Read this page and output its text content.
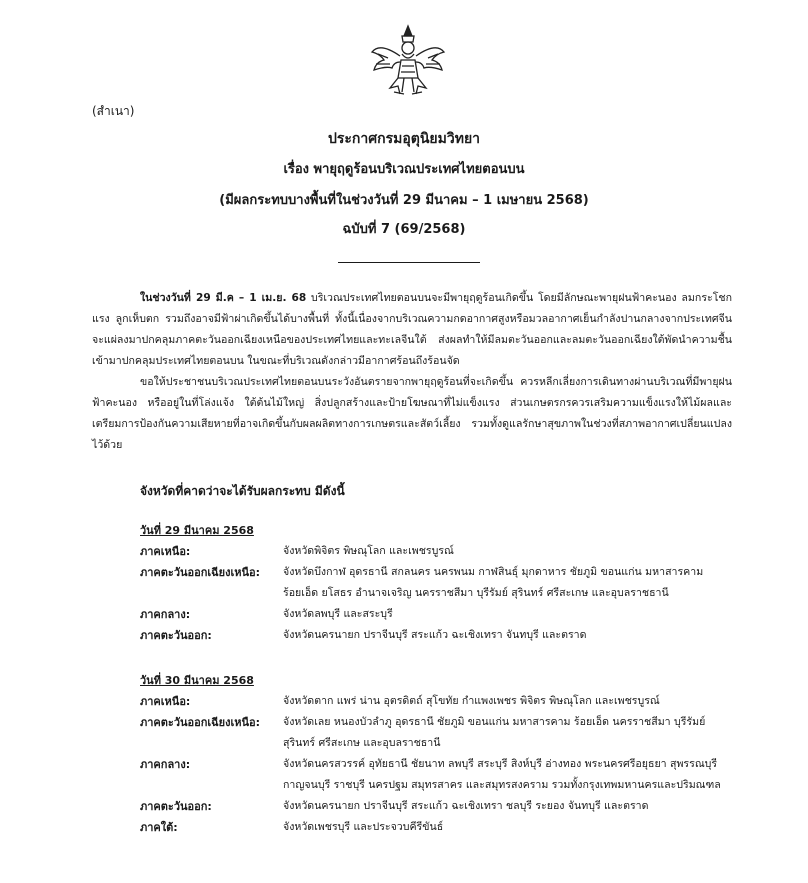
(สำเนา)
ประกาศกรมอุตุนิยมวิทยา
เรื่อง พายุฤดูร้อนบริเวณประเทศไทยตอนบน
(มีผลกระทบบางพื้นที่ในช่วงวันที่ 29 มีนาคม – 1 เมษายน 2568)
ฉบับที่ 7 (69/2568)

ในช่วงวันที่ 29 มี.ค – 1 เม.ย. 68 บริเวณประเทศไทยตอนบนจะมีพายุฤดูร้อนเกิดขึ้น โดยมีลักษณะพายุฝนฟ้าคะนอง ลมกระโชกแรง ลูกเห็บตก รวมถึงอาจมีฟ้าผ่าเกิดขึ้นได้บางพื้นที่ ทั้งนี้เนื่องจากบริเวณความกดอากาศสูงหรือมวลอากาศเย็นกำลังปานกลางจากประเทศจีนจะแผ่ลงมาปกคลุมภาคตะวันออกเฉียงเหนือของประเทศไทยและทะเลจีนใต้ ส่งผลทำให้มีลมตะวันออกและลมตะวันออกเฉียงใต้พัดนำความชื้นเข้ามาปกคลุมประเทศไทยตอนบน ในขณะที่บริเวณดังกล่าวมีอากาศร้อนถึงร้อนจัด

ขอให้ประชาชนบริเวณประเทศไทยตอนบนระวังอันตรายจากพายุฤดูร้อนที่จะเกิดขึ้น ควรหลีกเลี่ยงการเดินทางผ่านบริเวณที่มีพายุฝนฟ้าคะนอง หรืออยู่ในที่โล่งแจ้ง ใต้ต้นไม้ใหญ่ สิ่งปลูกสร้างและป้ายโฆษณาที่ไม่แข็งแรง ส่วนเกษตรกรควรเสริมความแข็งแรงให้ไม้ผลและเตรียมการป้องกันความเสียหายที่อาจเกิดขึ้นกับผลผลิตทางการเกษตรและสัตว์เลี้ยง รวมทั้งดูแลรักษาสุขภาพในช่วงที่สภาพอากาศเปลี่ยนแปลงไว้ด้วย

จังหวัดที่คาดว่าจะได้รับผลกระทบ มีดังนี้
วันที่ 29 มีนาคม 2568
ภาคเหนือ:	จังหวัดพิจิตร พิษณุโลก และเพชรบูรณ์
ภาคตะวันออกเฉียงเหนือ:	จังหวัดบึงกาฬ อุดรธานี สกลนคร นครพนม กาฬสินธุ์ มุกดาหาร ชัยภูมิ ขอนแก่น มหาสารคาม ร้อยเอ็ด ยโสธร อำนาจเจริญ นครราชสีมา บุรีรัมย์ สุรินทร์ ศรีสะเกษ และอุบลราชธานี
ภาคกลาง:	จังหวัดลพบุรี และสระบุรี
ภาคตะวันออก:	จังหวัดนครนายก ปราจีนบุรี สระแก้ว ฉะเชิงเทรา จันทบุรี และตราด
วันที่ 30 มีนาคม 2568
ภาคเหนือ:	จังหวัดตาก แพร่ น่าน อุตรดิตถ์ สุโขทัย กำแพงเพชร พิจิตร พิษณุโลก และเพชรบูรณ์
ภาคตะวันออกเฉียงเหนือ:	จังหวัดเลย หนองบัวลำภู อุดรธานี ชัยภูมิ ขอนแก่น มหาสารคาม ร้อยเอ็ด นครราชสีมา บุรีรัมย์ สุรินทร์ ศรีสะเกษ และอุบลราชธานี
ภาคกลาง:	จังหวัดนครสวรรค์ อุทัยธานี ชัยนาท ลพบุรี สระบุรี สิงห์บุรี อ่างทอง พระนครศรีอยุธยา สุพรรณบุรี กาญจนบุรี ราชบุรี นครปฐม สมุทรสาคร และสมุทรสงคราม รวมทั้งกรุงเทพมหานครและปริมณฑล
ภาคตะวันออก:	จังหวัดนครนายก ปราจีนบุรี สระแก้ว ฉะเชิงเทรา ชลบุรี ระยอง จันทบุรี และตราด
ภาคใต้:	จังหวัดเพชรบุรี และประจวบคีรีขันธ์
